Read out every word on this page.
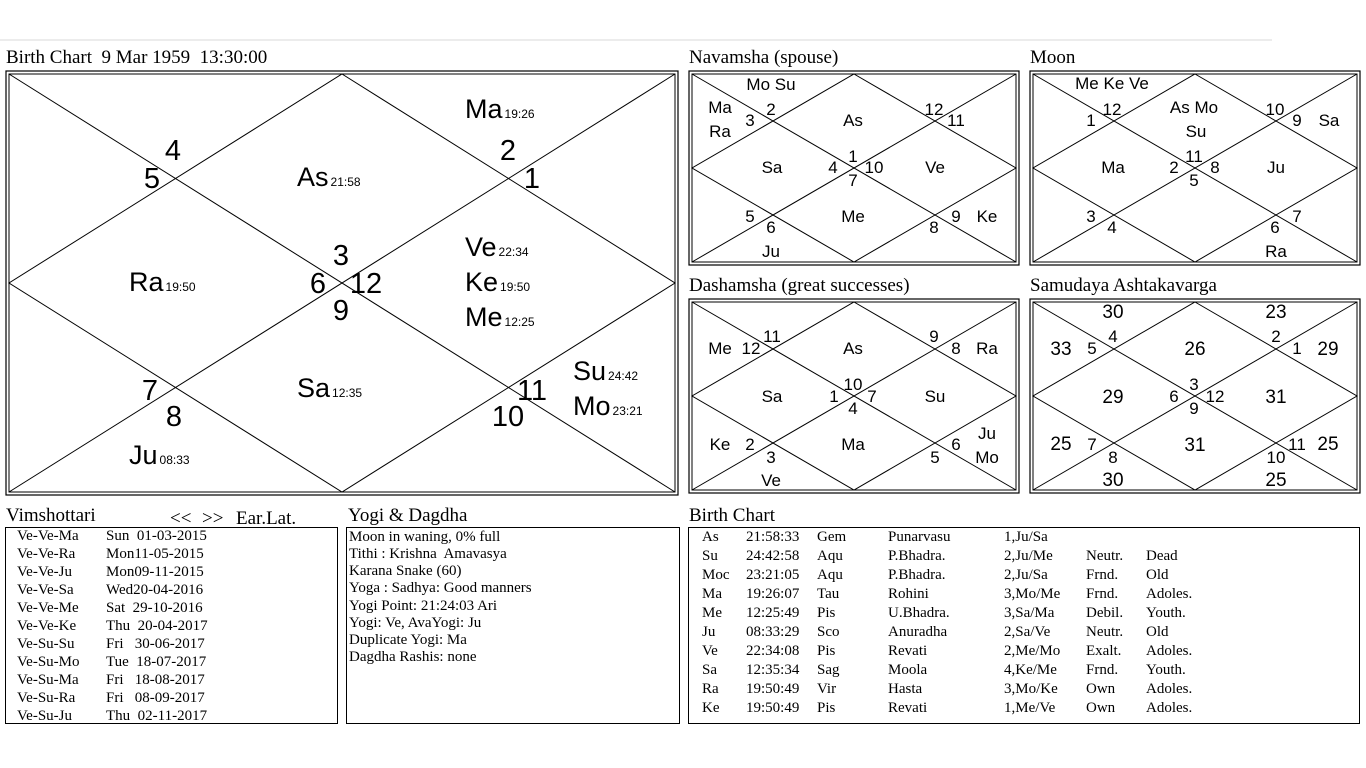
Birth Chart  9 Mar 1959  13:30:00
3
2
1
12
11
10
9
8
7
6
5
4
As 21:58
Ma 19:26
Ve 22:34
Ke 19:50
Me 12:25
Su 24:42
Mo 23:21
Sa 12:35
Ju 08:33
Ra 19:50
Navamsha (spouse)
1
12
11
10
9
8
7
6
5
4
3
2
As
Ve
Ke
Me
Ju
Sa
Ma
Ra
Mo Su
Moon
11
10
9
8
7
6
5
4
3
2
1
12	As Mo
Su
Sa
Ju
Ra
Ma
Me Ke Ve
Dashamsha (great successes)
10
9
8
7
6
5
4
3
2
1
12
11
As	Ra
Su
Ju
Mo
Ma
Ve
Ke
Sa
Me
Samudaya Ashtakavarga
3
2
1
12
11
10
9
8
7
6
5
4
26
23
29
31
25
25
31
30
25
29
33
30
Vimshottari	<< >> Ear.Lat.
Ve-Ve-Ma Sun  01-03-2015
Ve-Ve-Ra Mon11-05-2015
Ve-Ve-Ju Mon09-11-2015
Ve-Ve-Sa Wed20-04-2016
Ve-Ve-Me Sat  29-10-2016
Ve-Ve-Ke Thu  20-04-2017
Ve-Su-Su Fri   30-06-2017
Ve-Su-Mo Tue  18-07-2017
Ve-Su-Ma Fri   18-08-2017
Ve-Su-Ra Fri   08-09-2017
Ve-Su-Ju Thu  02-11-2017
Yogi & Dagdha
Moon in waning, 0% full
Tithi : Krishna  Amavasya
Karana Snake (60)
Yoga : Sadhya: Good manners
Yogi Point: 21:24:03 Ari
Yogi: Ve, AvaYogi: Ju
Duplicate Yogi: Ma
Dagdha Rashis: none
Birth Chart
As 21:58:33 Gem	Punarvasu	1,Ju/Sa
Su 24:42:58 Aqu	P.Bhadra.	2,Ju/Me Neutr. Dead
Moc 23:21:05 Aqu	P.Bhadra.	2,Ju/Sa	Frnd. Old
Ma 19:26:07 Tau	Rohini	3,Mo/Me Frnd. Adoles.
Me 12:25:49 Pis	U.Bhadra.	3,Sa/Ma Debil. Youth.
Ju 08:33:29 Sco	Anuradha	2,Sa/Ve Neutr. Old
Ve 22:34:08 Pis	Revati	2,Me/Mo Exalt. Adoles.
Sa 12:35:34 Sag	Moola	4,Ke/Me Frnd. Youth.
Ra 19:50:49 Vir	Hasta	3,Mo/Ke Own Adoles.
Ke 19:50:49 Pis	Revati	1,Me/Ve Own Adoles.
